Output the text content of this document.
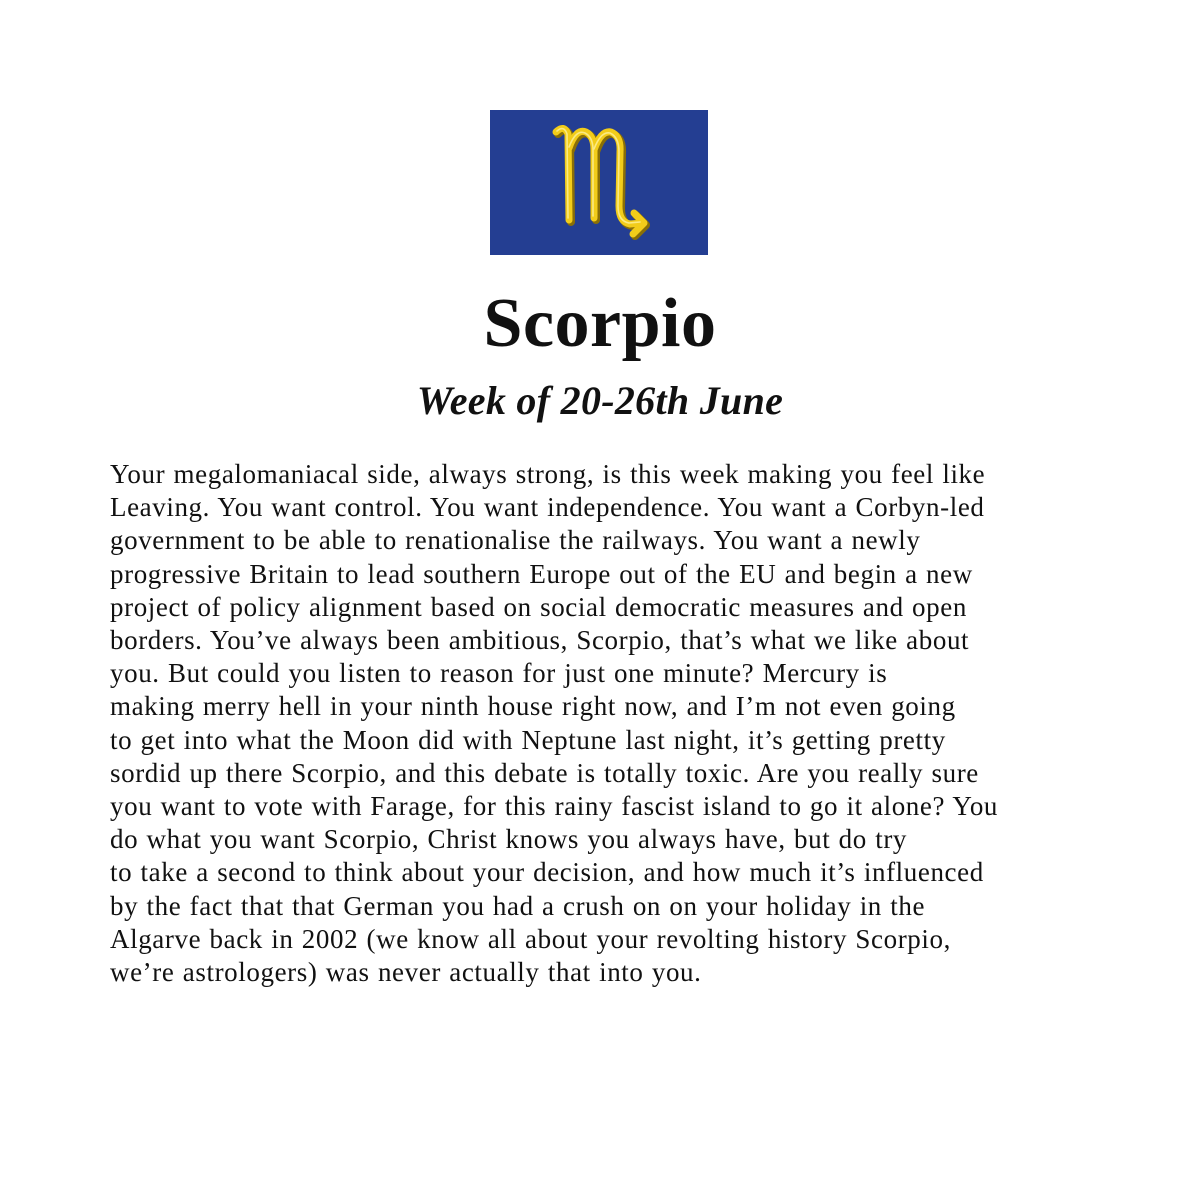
Scorpio
Week of 20-26th June
Your megalomaniacal side, always strong, is this week making you feel like
Leaving. You want control. You want independence. You want a Corbyn-led
government to be able to renationalise the railways. You want a newly
progressive Britain to lead southern Europe out of the EU and begin a new
project of policy alignment based on social democratic measures and open
borders. You’ve always been ambitious, Scorpio, that’s what we like about
you. But could you listen to reason for just one minute? Mercury is
making merry hell in your ninth house right now, and I’m not even going
to get into what the Moon did with Neptune last night, it’s getting pretty
sordid up there Scorpio, and this debate is totally toxic. Are you really sure
you want to vote with Farage, for this rainy fascist island to go it alone? You
do what you want Scorpio, Christ knows you always have, but do try
to take a second to think about your decision, and how much it’s influenced
by the fact that that German you had a crush on on your holiday in the
Algarve back in 2002 (we know all about your revolting history Scorpio,
we’re astrologers) was never actually that into you.
